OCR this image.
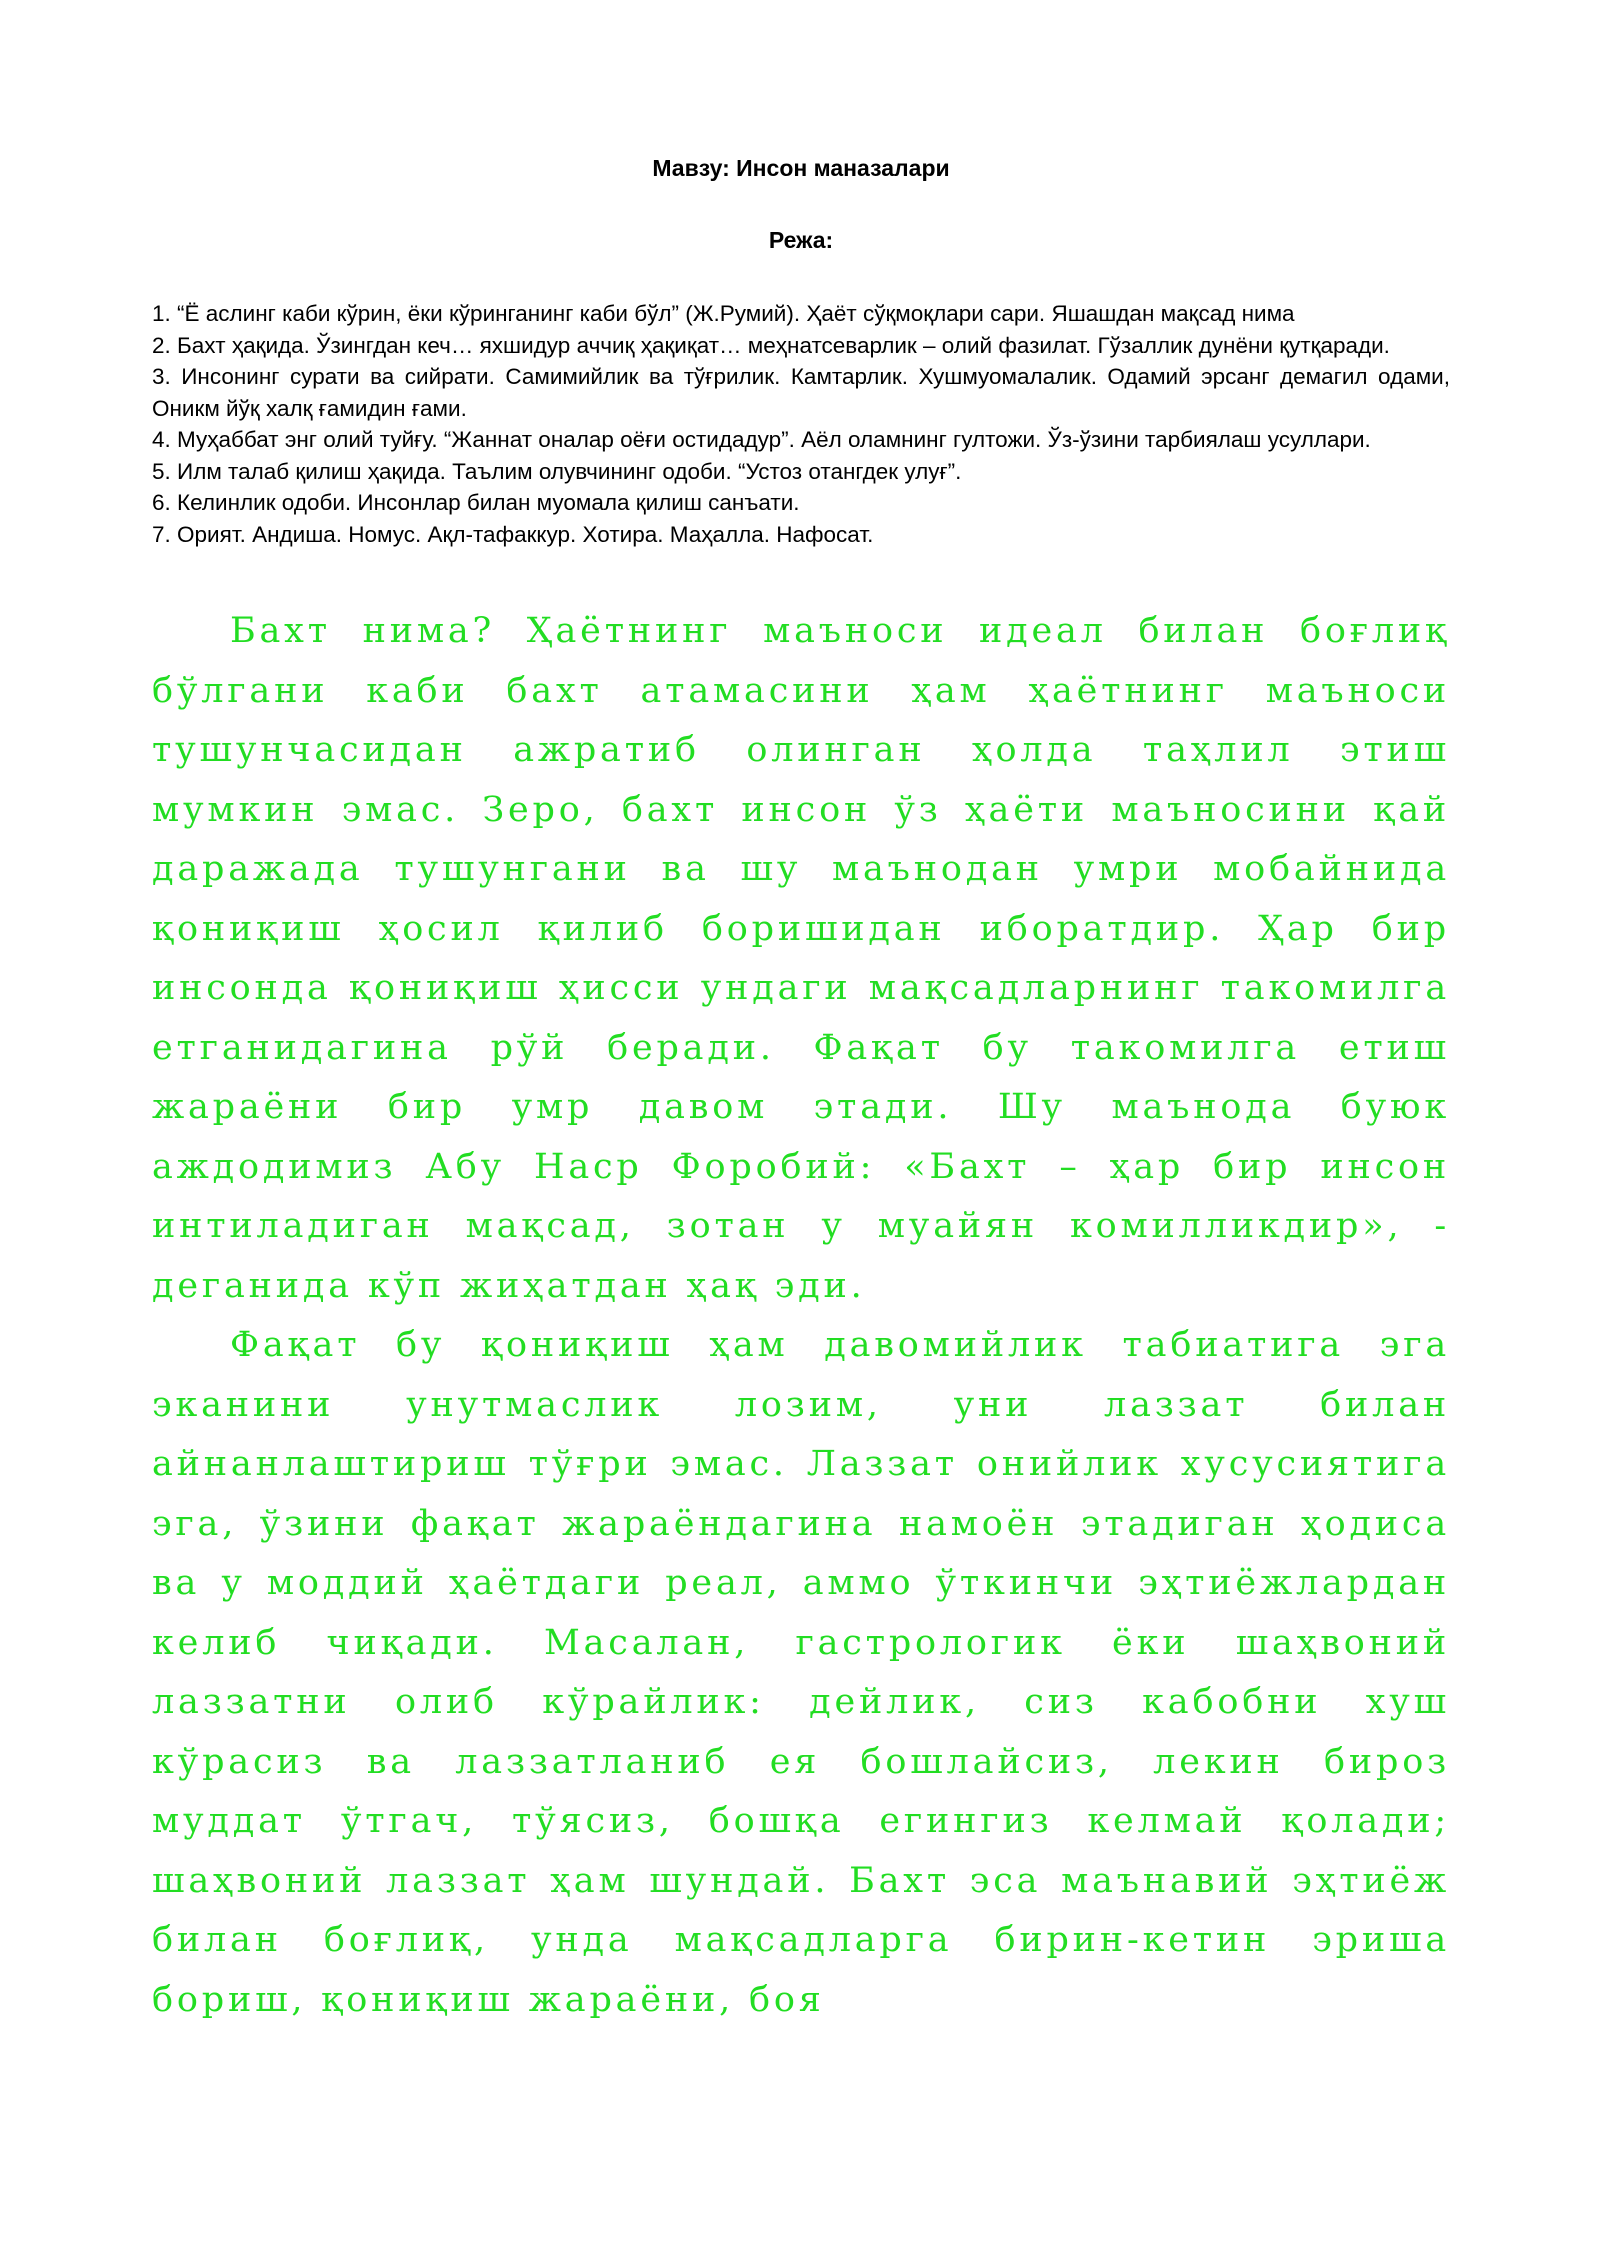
Мавзу: Инсон маназалари
Режа:
1. “Ё аслинг каби кўрин, ёки кўринганинг каби бўл” (Ж.Румий). Ҳаёт сўқмоқлари сари. Яшашдан мақсад нима
2. Бахт ҳақида. Ўзингдан кеч… яхшидур аччиқ ҳақиқат… меҳнатсеварлик – олий фазилат. Гўзаллик дунёни қутқаради.
3. Инсонинг сурати ва сийрати. Самимийлик ва тўғрилик. Камтарлик. Хушмуомалалик. Одамий эрсанг демагил одами, Оникм йўқ халқ ғамидин ғами.
4. Муҳаббат энг олий туйғу. “Жаннат оналар оёғи остидадур”. Аёл оламнинг гултожи. Ўз-ўзини тарбиялаш усуллари.
5. Илм талаб қилиш ҳақида. Таълим олувчининг одоби. “Устоз отангдек улуғ”.
6. Келинлик одоби. Инсонлар билан муомала қилиш санъати.
7. Орият. Андиша. Номус. Ақл-тафаккур. Хотира. Маҳалла. Нафосат.

Бахт нима? Ҳаётнинг маъноси идеал билан боғлиқ бўлгани каби бахт атамасини ҳам ҳаётнинг маъноси тушунчасидан ажратиб олинган ҳолда таҳлил этиш мумкин эмас. Зеро, бахт инсон ўз ҳаёти маъносини қай даражада тушунгани ва шу маънодан умри мобайнида қониқиш ҳосил қилиб боришидан иборатдир. Ҳар бир инсонда қониқиш ҳисси ундаги мақсадларнинг такомилга етганидагина рўй беради. Фақат бу такомилга етиш жараёни бир умр давом этади. Шу маънода буюк аждодимиз Абу Наср Форобий: «Бахт – ҳар бир инсон интиладиган мақсад, зотан у муайян комилликдир», - деганида кўп жиҳатдан ҳақ эди.

Фақат бу қониқиш ҳам давомийлик табиатига эга эканини унутмаслик лозим, уни лаззат билан айнанлаштириш тўғри эмас. Лаззат онийлик хусусиятига эга, ўзини фақат жараёндагина намоён этадиган ҳодиса ва у моддий ҳаётдаги реал, аммо ўткинчи эҳтиёжлардан келиб чиқади. Масалан, гастрологик ёки шаҳвоний лаззатни олиб кўрайлик: дейлик, сиз кабобни хуш кўрасиз ва лаззатланиб ея бошлайсиз, лекин бироз муддат ўтгач, тўясиз, бошқа егингиз келмай қолади; шаҳвоний лаззат ҳам шундай. Бахт эса маънавий эҳтиёж билан боғлиқ, унда мақсадларга бирин-кетин эриша бориш, қониқиш жараёни, боя
